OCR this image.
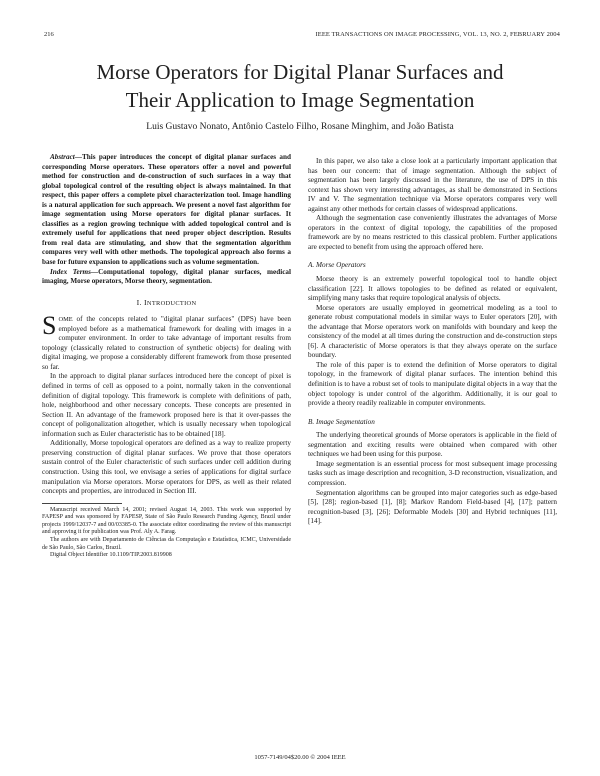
216	IEEE TRANSACTIONS ON IMAGE PROCESSING, VOL. 13, NO. 2, FEBRUARY 2004
Morse Operators for Digital Planar Surfaces and
Their Application to Image Segmentation
Luis Gustavo Nonato, Antônio Castelo Filho, Rosane Minghim, and João Batista

Abstract—This paper introduces the concept of digital planar surfaces and corresponding Morse operators. These operators offer a novel and powerful method for construction and de-construction of such surfaces in a way that global topological control of the resulting object is always maintained. In that respect, this paper offers a complete pixel characterization tool. Image handling is a natural application for such approach. We present a novel fast algorithm for image segmentation using Morse operators for digital planar surfaces. It classifies as a region growing technique with added topological control and is extremely useful for applications that need proper object description. Results from real data are stimulating, and show that the segmentation algorithm compares very well with other methods. The topological approach also forms a base for future expansion to applications such as volume segmentation.

Index Terms—Computational topology, digital planar surfaces, medical imaging, Morse operators, Morse theory, segmentation.

I. INTRODUCTION

SOME of the concepts related to "digital planar surfaces" (DPS) have been employed before as a mathematical framework for dealing with images in a computer environment. In order to take advantage of important results from topology (classically related to construction of synthetic objects) for dealing with digital imaging, we propose a considerably different framework from those presented so far.

In the approach to digital planar surfaces introduced here the concept of pixel is defined in terms of cell as opposed to a point, normally taken in the conventional definition of digital topology. This framework is complete with definitions of path, hole, neighborhood and other necessary concepts. These concepts are presented in Section II. An advantage of the framework proposed here is that it over-passes the concept of poligonalization altogether, which is usually necessary when topological information such as Euler characteristic has to be obtained [18].

Additionally, Morse topological operators are defined as a way to realize property preserving construction of digital planar surfaces. We prove that those operators sustain control of the Euler characteristic of such surfaces under cell addition during construction. Using this tool, we envisage a series of applications for digital surface manipulation via Morse operators. Morse operators for DPS, as well as their related concepts and properties, are introduced in Section III.

Manuscript received March 14, 2001; revised August 14, 2003. This work was supported by FAPESP and was sponsored by FAPESP, State of São Paulo Research Funding Agency, Brazil under projects 1999/12037-7 and 00/03385-0. The associate editor coordinating the review of this manuscript and approving it for publication was Prof. Aly A. Farag.

The authors are with Departamento de Ciências da Computação e Estatística, ICMC, Universidade de São Paulo, São Carlos, Brazil.

Digital Object Identifier 10.1109/TIP.2003.819908

In this paper, we also take a close look at a particularly important application that has been our concern: that of image segmentation. Although the subject of segmentation has been largely discussed in the literature, the use of DPS in this context has shown very interesting advantages, as shall be demonstrated in Sections IV and V. The segmentation technique via Morse operators compares very well against any other methods for certain classes of widespread applications.

Although the segmentation case conveniently illustrates the advantages of Morse operators in the context of digital topology, the capabilities of the proposed framework are by no means restricted to this classical problem. Further applications are expected to benefit from using the approach offered here.

A. Morse Operators

Morse theory is an extremely powerful topological tool to handle object classification [22]. It allows topologies to be defined as related or equivalent, simplifying many tasks that require topological analysis of objects.

Morse operators are usually employed in geometrical modeling as a tool to generate robust computational models in similar ways to Euler operators [20], with the advantage that Morse operators work on manifolds with boundary and keep the consistency of the model at all times during the construction and de-construction steps [6]. A characteristic of Morse operators is that they always operate on the surface boundary.

The role of this paper is to extend the definition of Morse operators to digital topology, in the framework of digital planar surfaces. The intention behind this definition is to have a robust set of tools to manipulate digital objects in a way that the object topology is under control of the algorithm. Additionally, it is our goal to provide a theory readily realizable in computer environments.

B. Image Segmentation

The underlying theoretical grounds of Morse operators is applicable in the field of segmentation and exciting results were obtained when compared with other techniques we had been using for this purpose.

Image segmentation is an essential process for most subsequent image processing tasks such as image description and recognition, 3-D reconstruction, visualization, and compression.

Segmentation algorithms can be grouped into major categories such as edge-based [5], [28]; region-based [1], [8]; Markov Random Field-based [4], [17]; pattern recognition-based [3], [26]; Deformable Models [30] and Hybrid techniques [11], [14].

1057-7149/04$20.00 © 2004 IEEE
